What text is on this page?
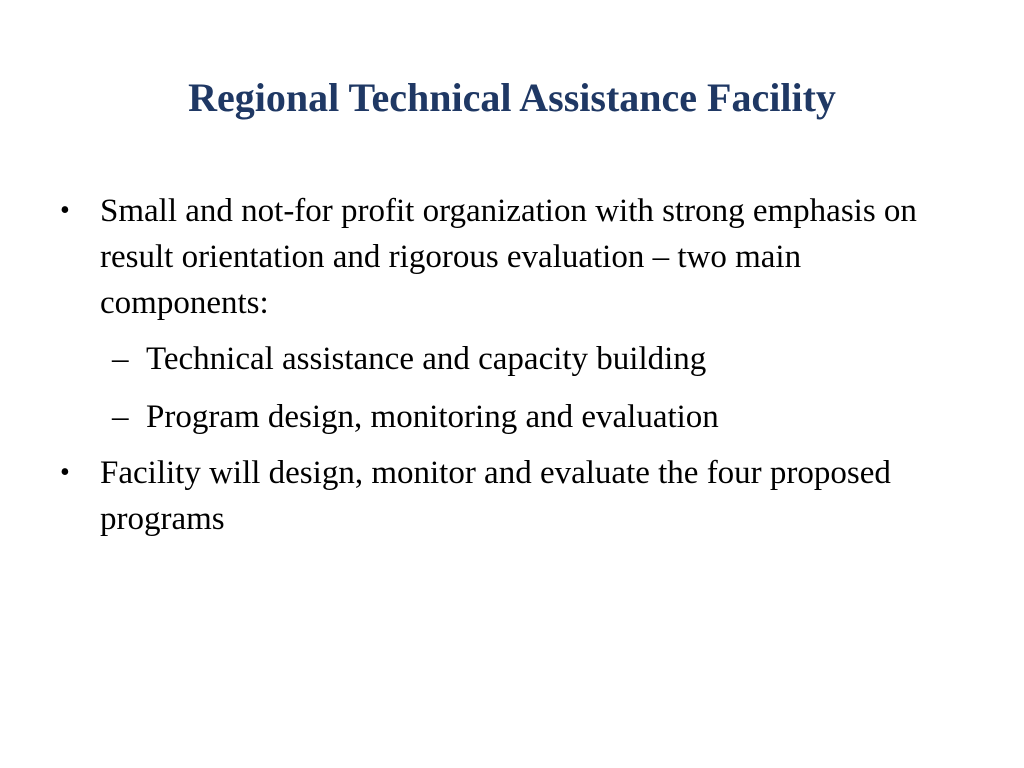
Regional Technical Assistance Facility

• Small and not-for profit organization with strong emphasis on result orientation and rigorous evaluation – two main components:

– Technical assistance and capacity building

– Program design, monitoring and evaluation

• Facility will design, monitor and evaluate the four proposed programs
